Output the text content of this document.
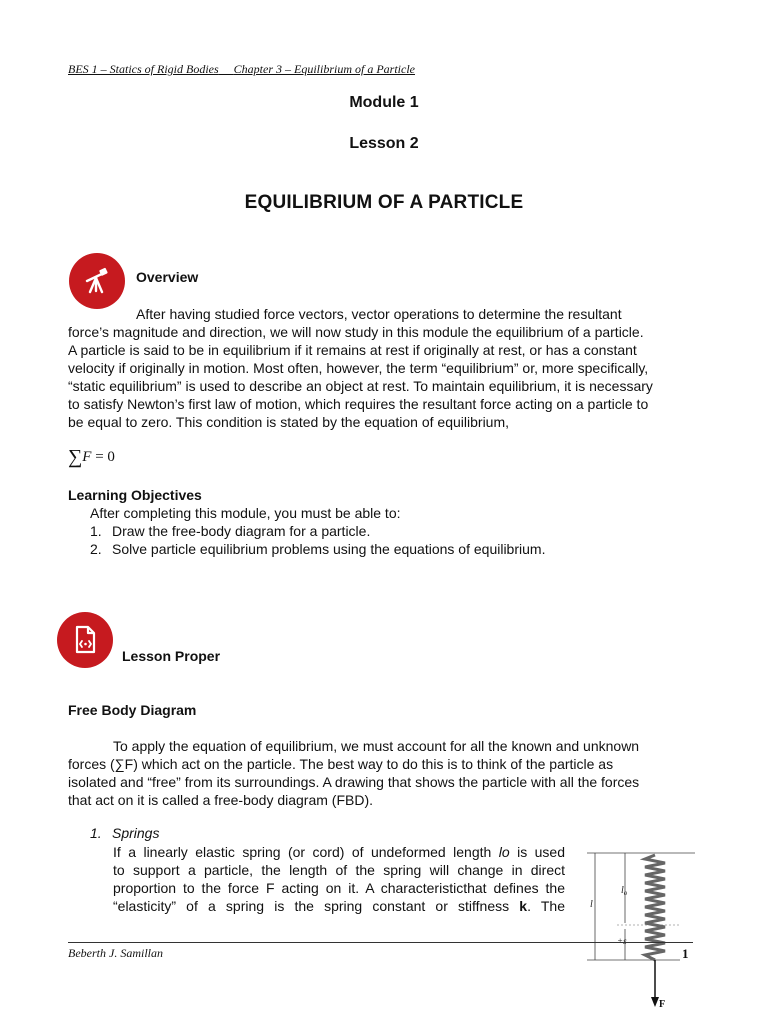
BES 1 – Statics of Rigid Bodies Chapter 3 – Equilibrium of a Particle
Module 1
Lesson 2
EQUILIBRIUM OF A PARTICLE
Overview
After having studied force vectors, vector operations to determine the resultant
force’s magnitude and direction, we will now study in this module the equilibrium of a particle.
A particle is said to be in equilibrium if it remains at rest if originally at rest, or has a constant
velocity if originally in motion. Most often, however, the term “equilibrium” or, more specifically,
“static equilibrium” is used to describe an object at rest. To maintain equilibrium, it is necessary
to satisfy Newton’s first law of motion, which requires the resultant force acting on a particle to
be equal to zero. This condition is stated by the equation of equilibrium,
∑F = 0
Learning Objectives
After completing this module, you must be able to:
1. Draw the free-body diagram for a particle.
2. Solve particle equilibrium problems using the equations of equilibrium.
Lesson Proper
Free Body Diagram
To apply the equation of equilibrium, we must account for all the known and unknown
forces (∑F) which act on the particle. The best way to do this is to think of the particle as
isolated and “free” from its surroundings. A drawing that shows the particle with all the forces
that act on it is called a free-body diagram (FBD).
1. Springs
If a linearly elastic spring (or cord) of undeformed length lo is used
to support a particle, the length of the spring will change in direct
proportion to the force F acting on it. A characteristicthat defines the
“elasticity” of a spring is the spring constant or stiffness k. The
$l_o$
l
+s
F
Beberth J. Samillan	1
